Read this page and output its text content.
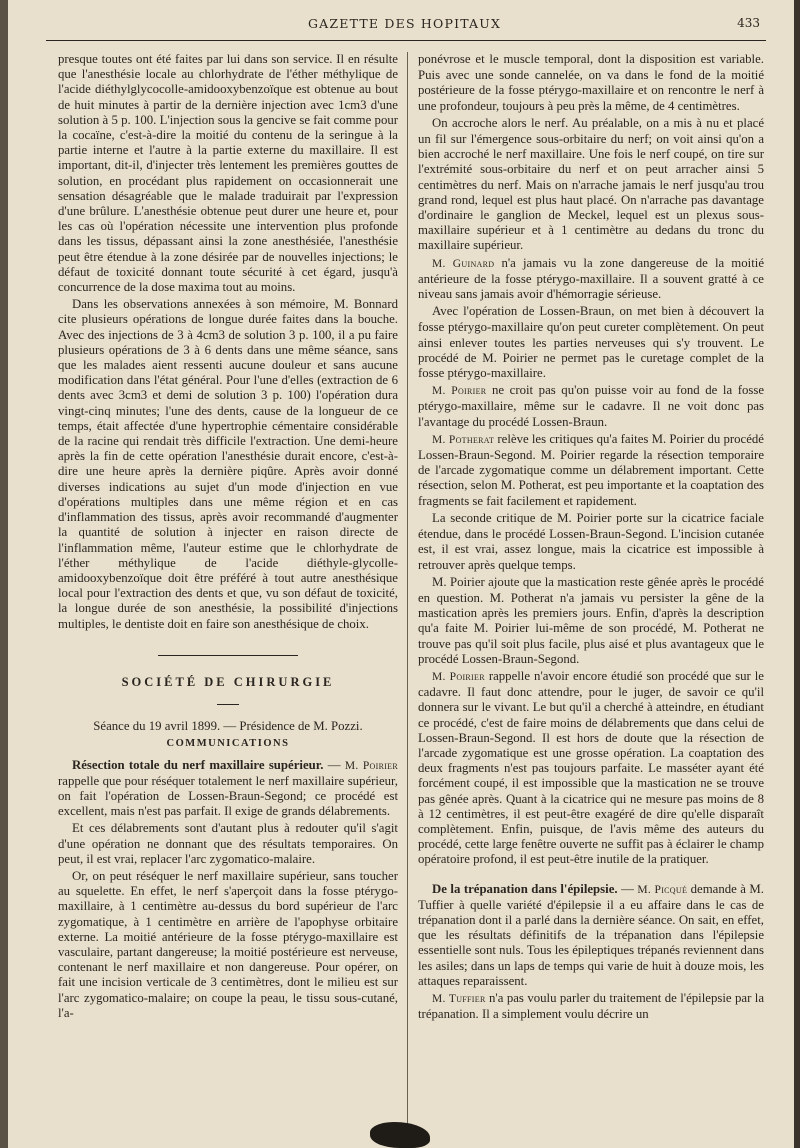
GAZETTE DES HOPITAUX	433

presque toutes ont été faites par lui dans son service. Il en résulte que l'anesthésie locale au chlorhydrate de l'éther méthylique de l'acide diéthylglycocolle-amidooxybenzoïque est obtenue au bout de huit minutes à partir de la dernière injection avec 1cm3 d'une solution à 5 p. 100. L'injection sous la gencive se fait comme pour la cocaïne, c'est-à-dire la moitié du contenu de la seringue à la partie interne et l'autre à la partie externe du maxillaire. Il est important, dit-il, d'injecter très lentement les premières gouttes de solution, en procédant plus rapidement on occasionnerait une sensation désagréable que le malade traduirait par l'expression d'une brûlure. L'anesthésie obtenue peut durer une heure et, pour les cas où l'opération nécessite une intervention plus profonde dans les tissus, dépassant ainsi la zone anesthésiée, l'anesthésie peut être étendue à la zone désirée par de nouvelles injections; le défaut de toxicité donnant toute sécurité à cet égard, jusqu'à concurrence de la dose maxima tout au moins.

Dans les observations annexées à son mémoire, M. Bonnard cite plusieurs opérations de longue durée faites dans la bouche. Avec des injections de 3 à 4cm3 de solution 3 p. 100, il a pu faire plusieurs opérations de 3 à 6 dents dans une même séance, sans que les malades aient ressenti aucune douleur et sans aucune modification dans l'état général. Pour l'une d'elles (extraction de 6 dents avec 3cm3 et demi de solution 3 p. 100) l'opération dura vingt-cinq minutes; l'une des dents, cause de la longueur de ce temps, était affectée d'une hypertrophie cémentaire considérable de la racine qui rendait très difficile l'extraction. Une demi-heure après la fin de cette opération l'anesthésie durait encore, c'est-à-dire une heure après la dernière piqûre. Après avoir donné diverses indications au sujet d'un mode d'injection en vue d'opérations multiples dans une même région et en cas d'inflammation des tissus, après avoir recommandé d'augmenter la quantité de solution à injecter en raison directe de l'inflammation même, l'auteur estime que le chlorhydrate de l'éther méthylique de l'acide diéthyle-glycolle-amidooxybenzoïque doit être préféré à tout autre anesthésique local pour l'extraction des dents et que, vu son défaut de toxicité, la longue durée de son anesthésie, la possibilité d'injections multiples, le dentiste doit en faire son anesthésique de choix.

SOCIÉTÉ DE CHIRURGIE

Séance du 19 avril 1899. — Présidence de M. Pozzi.

COMMUNICATIONS

Résection totale du nerf maxillaire supérieur. — M. Poirier rappelle que pour réséquer totalement le nerf maxillaire supérieur, on fait l'opération de Lossen-Braun-Segond; ce procédé est excellent, mais n'est pas parfait. Il exige de grands délabrements.

Et ces délabrements sont d'autant plus à redouter qu'il s'agit d'une opération ne donnant que des résultats temporaires. On peut, il est vrai, replacer l'arc zygomatico-malaire.

Or, on peut réséquer le nerf maxillaire supérieur, sans toucher au squelette. En effet, le nerf s'aperçoit dans la fosse ptérygo-maxillaire, à 1 centimètre au-dessus du bord supérieur de l'arc zygomatique, à 1 centimètre en arrière de l'apophyse orbitaire externe. La moitié antérieure de la fosse ptérygo-maxillaire est vasculaire, partant dangereuse; la moitié postérieure est nerveuse, contenant le nerf maxillaire et non dangereuse. Pour opérer, on fait une incision verticale de 3 centimètres, dont le milieu est sur l'arc zygomatico-malaire; on coupe la peau, le tissu sous-cutané, l'a-

ponévrose et le muscle temporal, dont la disposition est variable. Puis avec une sonde cannelée, on va dans le fond de la moitié postérieure de la fosse ptérygo-maxillaire et on rencontre le nerf à une profondeur, toujours à peu près la même, de 4 centimètres.

On accroche alors le nerf. Au préalable, on a mis à nu et placé un fil sur l'émergence sous-orbitaire du nerf; on voit ainsi qu'on a bien accroché le nerf maxillaire. Une fois le nerf coupé, on tire sur l'extrémité sous-orbitaire du nerf et on peut arracher ainsi 5 centimètres du nerf. Mais on n'arrache jamais le nerf jusqu'au trou grand rond, lequel est plus haut placé. On n'arrache pas davantage d'ordinaire le ganglion de Meckel, lequel est un plexus sous-maxillaire supérieur et à 1 centimètre au dedans du tronc du maxillaire supérieur.

M. Guinard n'a jamais vu la zone dangereuse de la moitié antérieure de la fosse ptérygo-maxillaire. Il a souvent gratté à ce niveau sans jamais avoir d'hémorragie sérieuse.

Avec l'opération de Lossen-Braun, on met bien à découvert la fosse ptérygo-maxillaire qu'on peut cureter complètement. On peut ainsi enlever toutes les parties nerveuses qui s'y trouvent. Le procédé de M. Poirier ne permet pas le curetage complet de la fosse ptérygo-maxillaire.

M. Poirier ne croit pas qu'on puisse voir au fond de la fosse ptérygo-maxillaire, même sur le cadavre. Il ne voit donc pas l'avantage du procédé Lossen-Braun.

M. Potherat relève les critiques qu'a faites M. Poirier du procédé Lossen-Braun-Segond. M. Poirier regarde la résection temporaire de l'arcade zygomatique comme un délabrement important. Cette résection, selon M. Potherat, est peu importante et la coaptation des fragments se fait facilement et rapidement.

La seconde critique de M. Poirier porte sur la cicatrice faciale étendue, dans le procédé Lossen-Braun-Segond. L'incision cutanée est, il est vrai, assez longue, mais la cicatrice est impossible à retrouver après quelque temps.

M. Poirier ajoute que la mastication reste gênée après le procédé en question. M. Potherat n'a jamais vu persister la gêne de la mastication après les premiers jours. Enfin, d'après la description qu'a faite M. Poirier lui-même de son procédé, M. Potherat ne trouve pas qu'il soit plus facile, plus aisé et plus avantageux que le procédé Lossen-Braun-Segond.

M. Poirier rappelle n'avoir encore étudié son procédé que sur le cadavre. Il faut donc attendre, pour le juger, de savoir ce qu'il donnera sur le vivant. Le but qu'il a cherché à atteindre, en étudiant ce procédé, c'est de faire moins de délabrements que dans celui de Lossen-Braun-Segond. Il est hors de doute que la résection de l'arcade zygomatique est une grosse opération. La coaptation des deux fragments n'est pas toujours parfaite. Le masséter ayant été forcément coupé, il est impossible que la mastication ne se trouve pas gênée après. Quant à la cicatrice qui ne mesure pas moins de 8 à 12 centimètres, il est peut-être exagéré de dire qu'elle disparaît complètement. Enfin, puisque, de l'avis même des auteurs du procédé, cette large fenêtre ouverte ne suffit pas à éclairer le champ opératoire profond, il est peut-être inutile de la pratiquer.

De la trépanation dans l'épilepsie. — M. Picqué demande à M. Tuffier à quelle variété d'épilepsie il a eu affaire dans le cas de trépanation dont il a parlé dans la dernière séance. On sait, en effet, que les résultats définitifs de la trépanation dans l'épilepsie essentielle sont nuls. Tous les épileptiques trépanés reviennent dans les asiles; dans un laps de temps qui varie de huit à douze mois, les attaques reparaissent.

M. Tuffier n'a pas voulu parler du traitement de l'épilepsie par la trépanation. Il a simplement voulu décrire un
